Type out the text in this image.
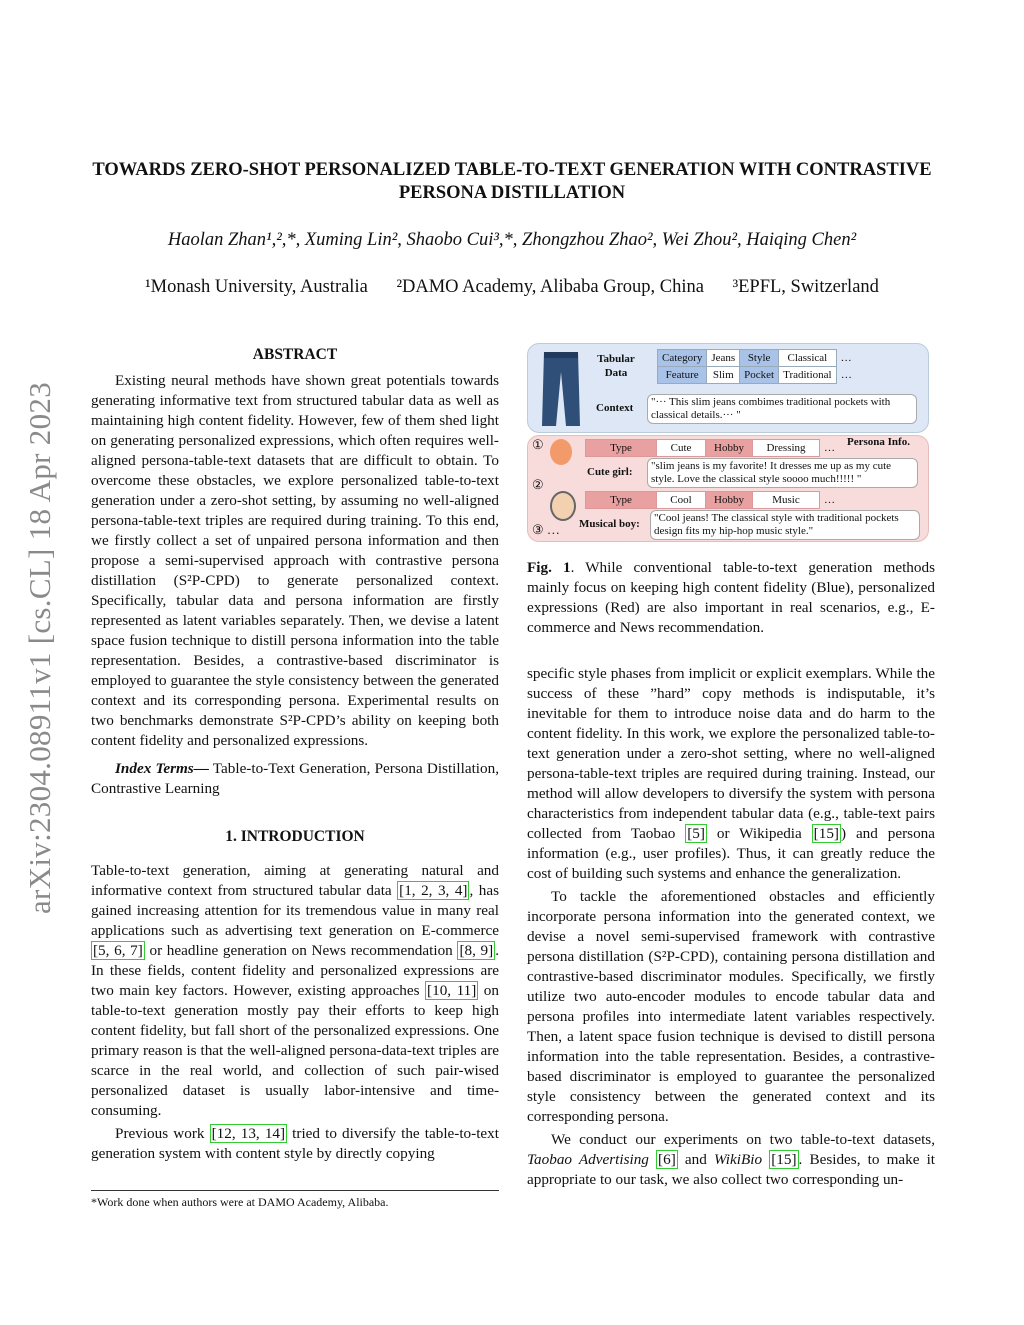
arXiv:2304.08911v1 [cs.CL] 18 Apr 2023
TOWARDS ZERO-SHOT PERSONALIZED TABLE-TO-TEXT GENERATION WITH CONTRASTIVE PERSONA DISTILLATION
Haolan Zhan¹,²,*, Xuming Lin², Shaobo Cui³,*, Zhongzhou Zhao², Wei Zhou², Haiqing Chen²
¹Monash University, Australia ²DAMO Academy, Alibaba Group, China ³EPFL, Switzerland
ABSTRACT

Existing neural methods have shown great potentials towards generating informative text from structured tabular data as well as maintaining high content fidelity. However, few of them shed light on generating personalized expressions, which often requires well-aligned persona-table-text datasets that are difficult to obtain. To overcome these obstacles, we explore personalized table-to-text generation under a zero-shot setting, by assuming no well-aligned persona-table-text triples are required during training. To this end, we firstly collect a set of unpaired persona information and then propose a semi-supervised approach with contrastive persona distillation (S²P-CPD) to generate personalized context. Specifically, tabular data and persona information are firstly represented as latent variables separately. Then, we devise a latent space fusion technique to distill persona information into the table representation. Besides, a contrastive-based discriminator is employed to guarantee the style consistency between the generated context and its corresponding persona. Experimental results on two benchmarks demonstrate S²P-CPD’s ability on keeping both content fidelity and personalized expressions.

Index Terms— Table-to-Text Generation, Persona Distillation, Contrastive Learning

1. INTRODUCTION

Table-to-text generation, aiming at generating natural and informative context from structured tabular data [1, 2, 3, 4] , has gained increasing attention for its tremendous value in many real applications such as advertising text generation on E-commerce [5, 6, 7] or headline generation on News recommendation [8, 9] . In these fields, content fidelity and personalized expressions are two main key factors. However, existing approaches [10, 11] on table-to-text generation mostly pay their efforts to keep high content fidelity, but fall short of the personalized expressions. One primary reason is that the well-aligned persona-data-text triples are scarce in the real world, and collection of such pair-wised personalized dataset is usually labor-intensive and time-consuming.

Previous work [12, 13, 14] tried to diversify the table-to-text generation system with content style by directly copying

*Work done when authors were at DAMO Academy, Alibaba.
Tabular Data
Category	Jeans	Style	Classical	…
Feature	Slim	Pocket	Traditional	…
Context	"··· This slim jeans combimes traditional pockets with classical details.··· "
①
②
③ …
Type	Cute	Hobby	Dressing	… Persona Info.
Cute girl:	"slim jeans is my favorite! It dresses me up as my cute style. Love the classical style soooo much!!!!! "
Type	Cool	Hobby	Music	…
Musical boy:	"Cool jeans! The classical style with traditional pockets design fits my hip-hop music style."
Fig. 1. While conventional table-to-text generation methods mainly focus on keeping high content fidelity (Blue), personalized expressions (Red) are also important in real scenarios, e.g., E-commerce and News recommendation.

specific style phases from implicit or explicit exemplars. While the success of these ”hard” copy methods is indisputable, it’s inevitable for them to introduce noise data and do harm to the content fidelity. In this work, we explore the personalized table-to-text generation under a zero-shot setting, where no well-aligned persona-table-text triples are required during training. Instead, our method will allow developers to diversify the system with persona characteristics from independent tabular data (e.g., table-text pairs collected from Taobao [5] or Wikipedia [15] ) and persona information (e.g., user profiles). Thus, it can greatly reduce the cost of building such systems and enhance the generalization.

To tackle the aforementioned obstacles and efficiently incorporate persona information into the generated context, we devise a novel semi-supervised framework with contrastive persona distillation (S²P-CPD), containing persona distillation and contrastive-based discriminator modules. Specifically, we firstly utilize two auto-encoder modules to encode tabular data and persona profiles into intermediate latent variables respectively. Then, a latent space fusion technique is devised to distill persona information into the table representation. Besides, a contrastive-based discriminator is employed to guarantee the personalized style consistency between the generated context and its corresponding persona.

We conduct our experiments on two table-to-text datasets, Taobao Advertising [6] and WikiBio [15] . Besides, to make it appropriate to our task, we also collect two corresponding un-
